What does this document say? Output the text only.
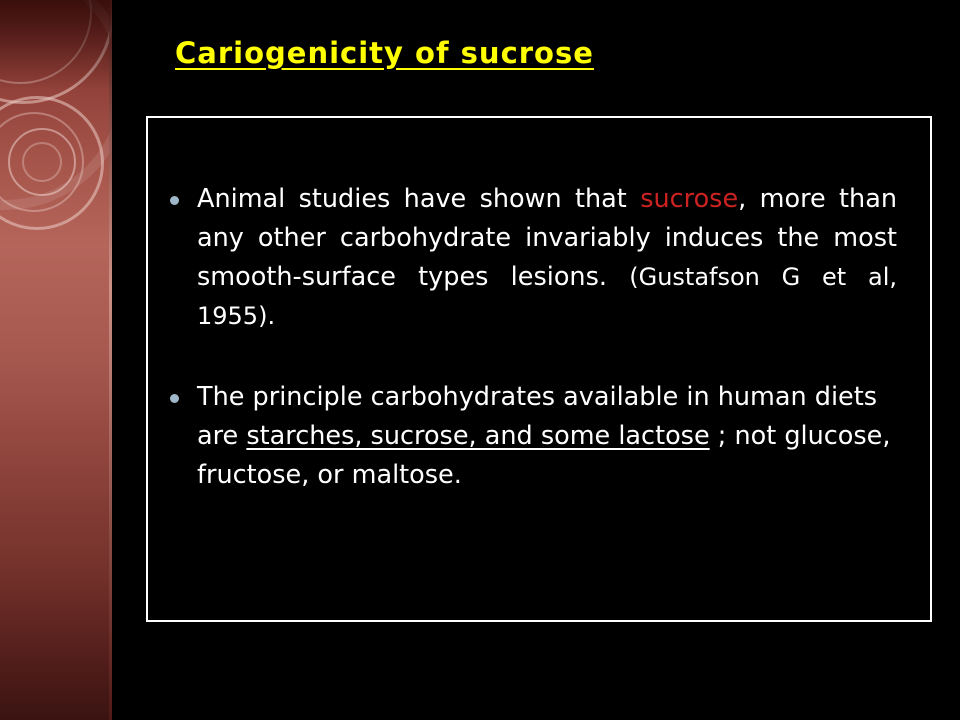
Cariogenicity of sucrose
Animal studies have shown that sucrose, more than any other carbohydrate invariably induces the most smooth-surface types lesions. (Gustafson G et al, 1955).
The principle carbohydrates available in human diets are starches, sucrose, and some lactose ; not glucose, fructose, or maltose.
